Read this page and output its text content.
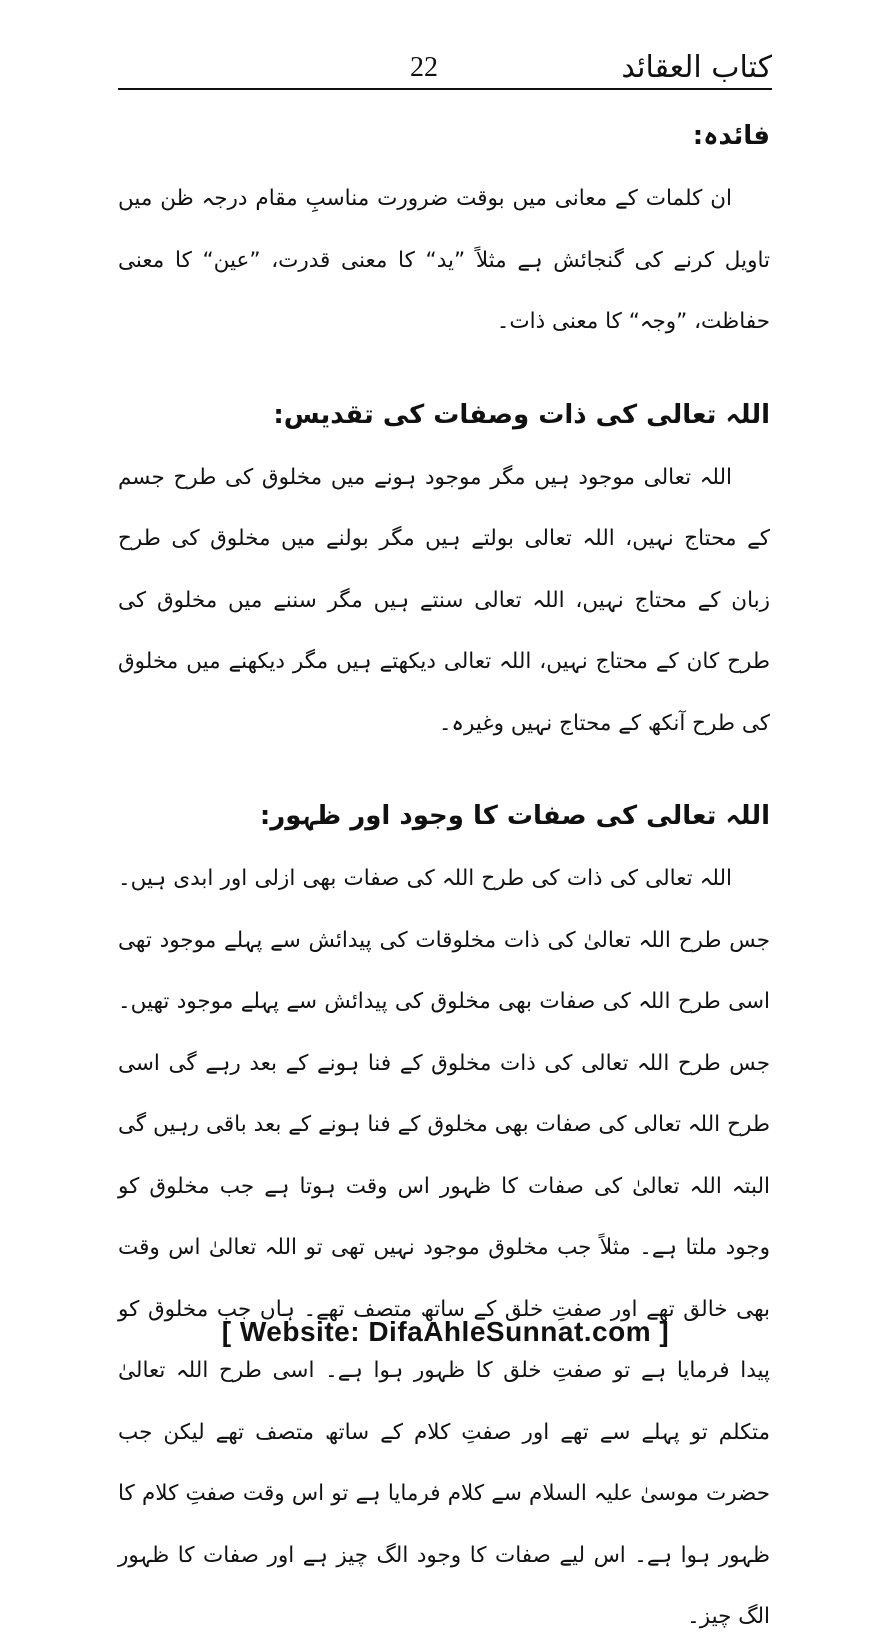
22	کتاب العقائد
فائدہ:

ان کلمات کے معانی میں بوقت ضرورت مناسبِ مقام درجہ ظن میں تاویل کرنے کی گنجائش ہے مثلاً ”ید“ کا معنی قدرت، ”عین“ کا معنی حفاظت، ”وجہ“ کا معنی ذات۔

اللہ تعالی کی ذات وصفات کی تقدیس:

اللہ تعالی موجود ہیں مگر موجود ہونے میں مخلوق کی طرح جسم کے محتاج نہیں، اللہ تعالی بولتے ہیں مگر بولنے میں مخلوق کی طرح زبان کے محتاج نہیں، اللہ تعالی سنتے ہیں مگر سننے میں مخلوق کی طرح کان کے محتاج نہیں، اللہ تعالی دیکھتے ہیں مگر دیکھنے میں مخلوق کی طرح آنکھ کے محتاج نہیں وغیرہ۔

اللہ تعالی کی صفات کا وجود اور ظہور:

اللہ تعالی کی ذات کی طرح اللہ کی صفات بھی ازلی اور ابدی ہیں۔ جس طرح اللہ تعالیٰ کی ذات مخلوقات کی پیدائش سے پہلے موجود تھی اسی طرح اللہ کی صفات بھی مخلوق کی پیدائش سے پہلے موجود تھیں۔ جس طرح اللہ تعالی کی ذات مخلوق کے فنا ہونے کے بعد رہے گی اسی طرح اللہ تعالی کی صفات بھی مخلوق کے فنا ہونے کے بعد باقی رہیں گی البتہ اللہ تعالیٰ کی صفات کا ظہور اس وقت ہوتا ہے جب مخلوق کو وجود ملتا ہے۔ مثلاً جب مخلوق موجود نہیں تھی تو اللہ تعالیٰ اس وقت بھی خالق تھے اور صفتِ خلق کے ساتھ متصف تھے۔ ہاں جب مخلوق کو پیدا فرمایا ہے تو صفتِ خلق کا ظہور ہوا ہے۔ اسی طرح اللہ تعالیٰ متکلم تو پہلے سے تھے اور صفتِ کلام کے ساتھ متصف تھے لیکن جب حضرت موسیٰ علیہ السلام سے کلام فرمایا ہے تو اس وقت صفتِ کلام کا ظہور ہوا ہے۔ اس لیے صفات کا وجود الگ چیز ہے اور صفات کا ظہور الگ چیز۔

[ Website: DifaAhleSunnat.com ]
